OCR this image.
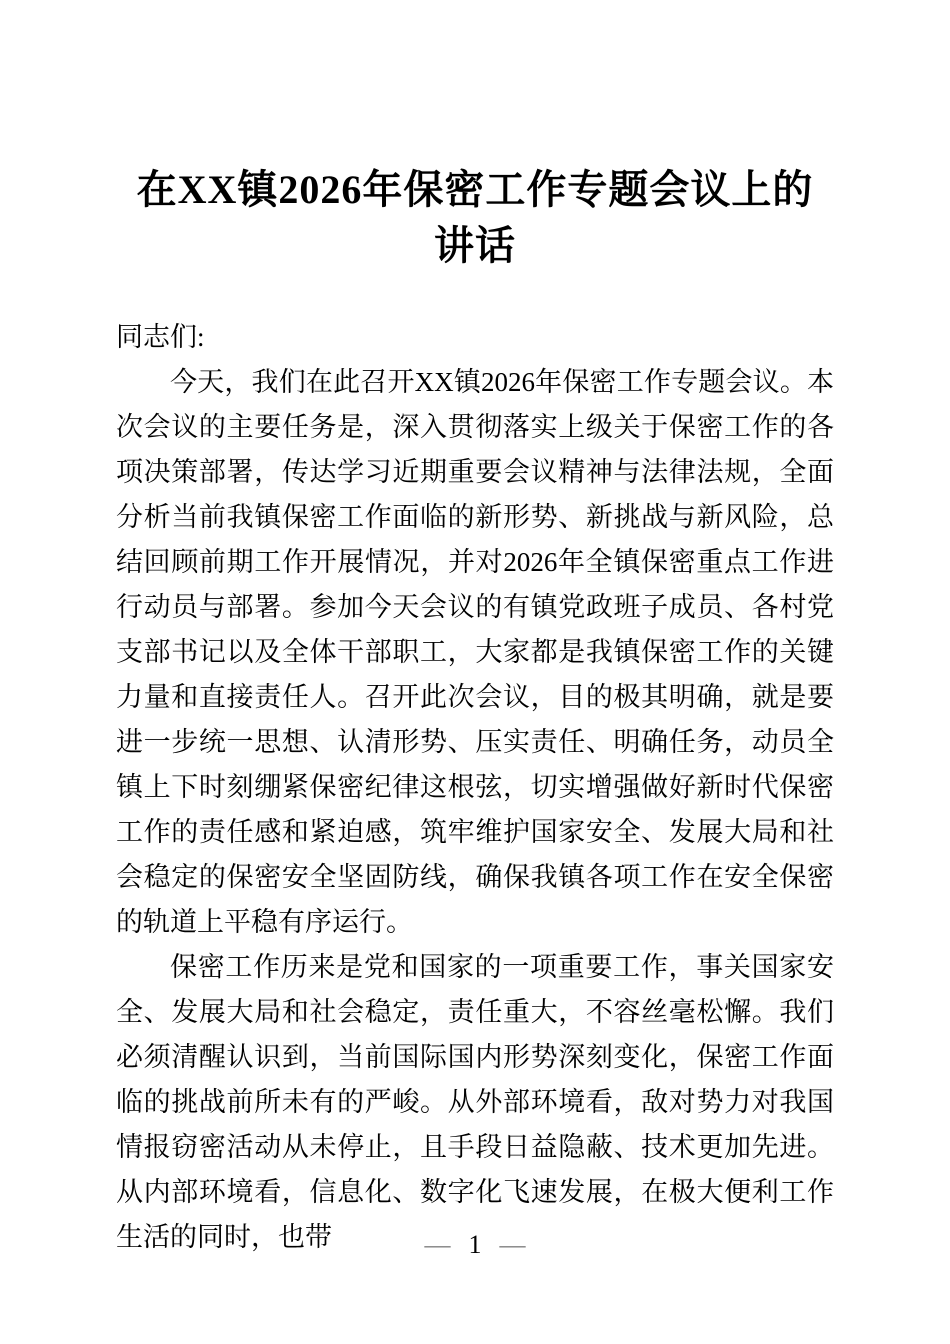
在XX镇2026年保密工作专题会议上的讲话

同志们:

今天，我们在此召开XX镇2026年保密工作专题会议。本次会议的主要任务是，深入贯彻落实上级关于保密工作的各项决策部署，传达学习近期重要会议精神与法律法规，全面分析当前我镇保密工作面临的新形势、新挑战与新风险，总结回顾前期工作开展情况，并对2026年全镇保密重点工作进行动员与部署。参加今天会议的有镇党政班子成员、各村党支部书记以及全体干部职工，大家都是我镇保密工作的关键力量和直接责任人。召开此次会议，目的极其明确，就是要进一步统一思想、认清形势、压实责任、明确任务，动员全镇上下时刻绷紧保密纪律这根弦，切实增强做好新时代保密工作的责任感和紧迫感，筑牢维护国家安全、发展大局和社会稳定的保密安全坚固防线，确保我镇各项工作在安全保密的轨道上平稳有序运行。

保密工作历来是党和国家的一项重要工作，事关国家安全、发展大局和社会稳定，责任重大，不容丝毫松懈。我们必须清醒认识到，当前国际国内形势深刻变化，保密工作面临的挑战前所未有的严峻。从外部环境看，敌对势力对我国情报窃密活动从未停止，且手段日益隐蔽、技术更加先进。从内部环境看，信息化、数字化飞速发展，在极大便利工作生活的同时，也带	— 1 —
